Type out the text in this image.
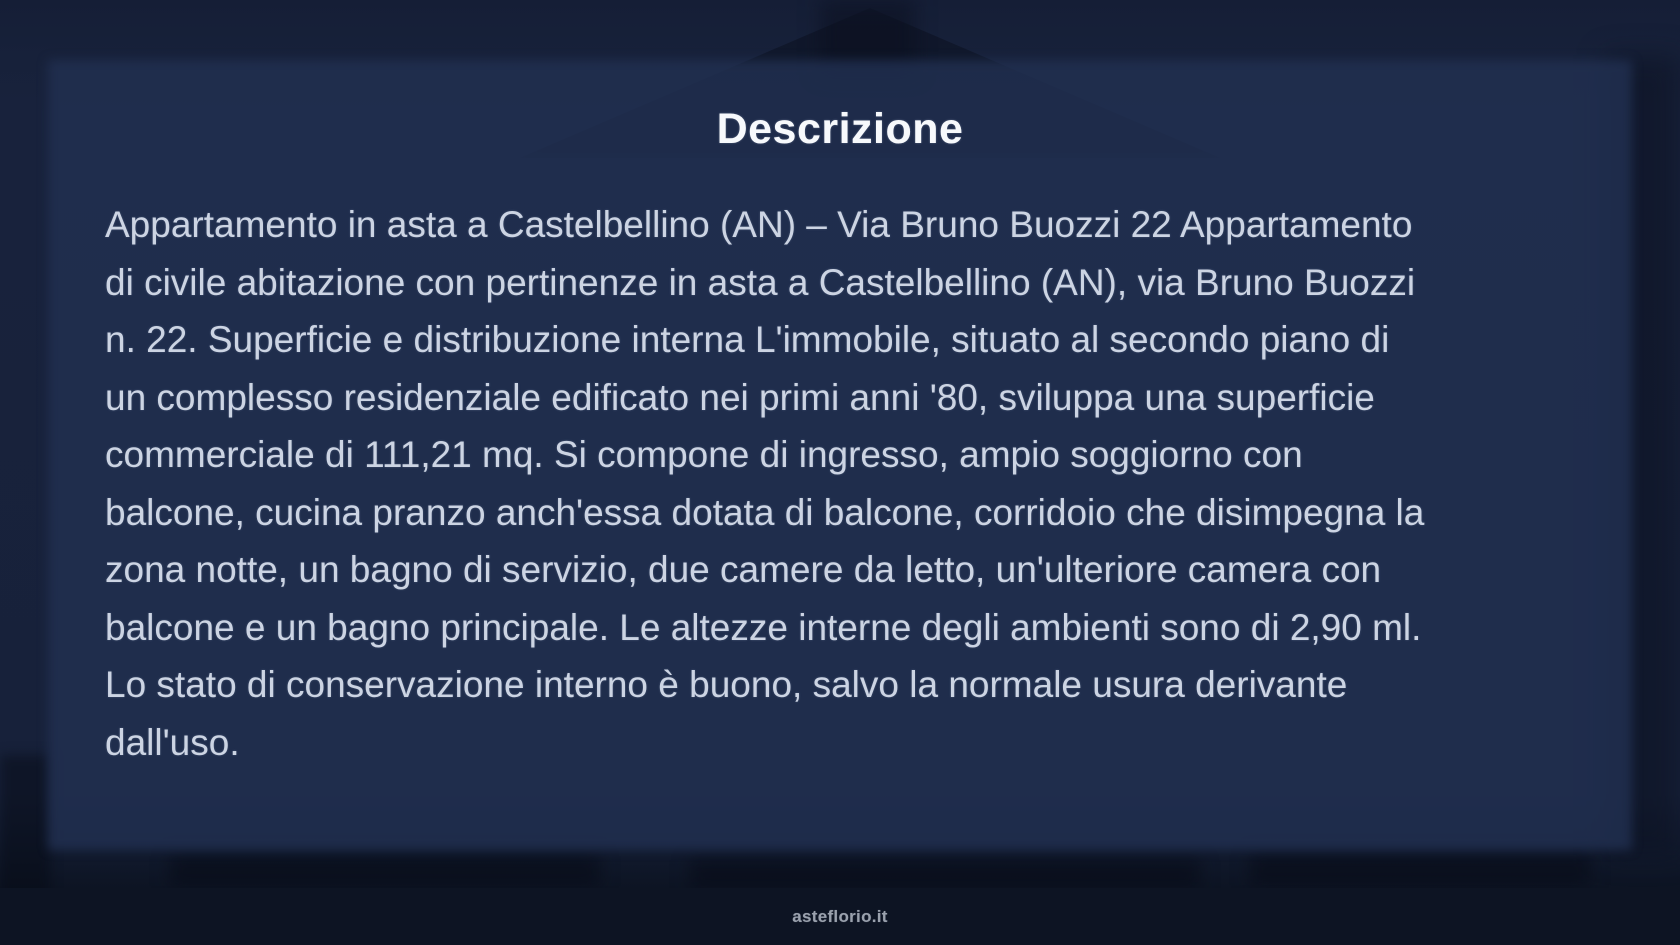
Descrizione
Appartamento in asta a Castelbellino (AN) – Via Bruno Buozzi 22 Appartamento
di civile abitazione con pertinenze in asta a Castelbellino (AN), via Bruno Buozzi
n. 22. Superficie e distribuzione interna L'immobile, situato al secondo piano di
un complesso residenziale edificato nei primi anni '80, sviluppa una superficie
commerciale di 111,21 mq. Si compone di ingresso, ampio soggiorno con
balcone, cucina pranzo anch'essa dotata di balcone, corridoio che disimpegna la
zona notte, un bagno di servizio, due camere da letto, un'ulteriore camera con
balcone e un bagno principale. Le altezze interne degli ambienti sono di 2,90 ml.
Lo stato di conservazione interno è buono, salvo la normale usura derivante
dall'uso.
asteflorio.it
